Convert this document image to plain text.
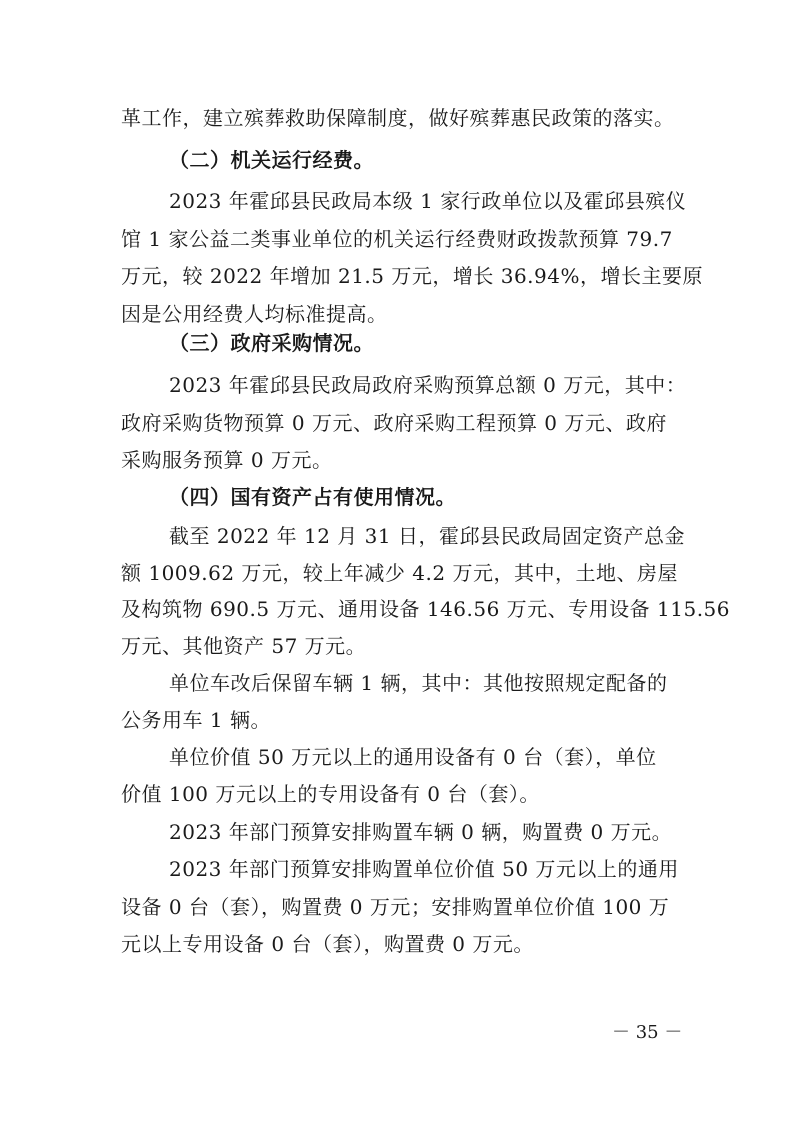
革工作，建立殡葬救助保障制度，做好殡葬惠民政策的落实。
（二）机关运行经费。
2023 年霍邱县民政局本级 1 家行政单位以及霍邱县殡仪
馆 1 家公益二类事业单位的机关运行经费财政拨款预算 79.7
万元，较 2022 年增加 21.5 万元，增长 36.94%，增长主要原
因是公用经费人均标准提高。
（三）政府采购情况。
2023 年霍邱县民政局政府采购预算总额 0 万元，其中：
政府采购货物预算 0 万元、政府采购工程预算 0 万元、政府
采购服务预算 0 万元。
（四）国有资产占有使用情况。
截至 2022 年 12 月 31 日，霍邱县民政局固定资产总金
额 1009.62 万元，较上年减少 4.2 万元，其中，土地、房屋
及构筑物 690.5 万元、通用设备 146.56 万元、专用设备 115.56
万元、其他资产 57 万元。
单位车改后保留车辆 1 辆，其中：其他按照规定配备的
公务用车 1 辆。
单位价值 50 万元以上的通用设备有 0 台（套），单位
价值 100 万元以上的专用设备有 0 台（套）。
2023 年部门预算安排购置车辆 0 辆，购置费 0 万元。
2023 年部门预算安排购置单位价值 50 万元以上的通用
设备 0 台（套），购置费 0 万元；安排购置单位价值 100 万
元以上专用设备 0 台（套），购置费 0 万元。
－ 35 －
